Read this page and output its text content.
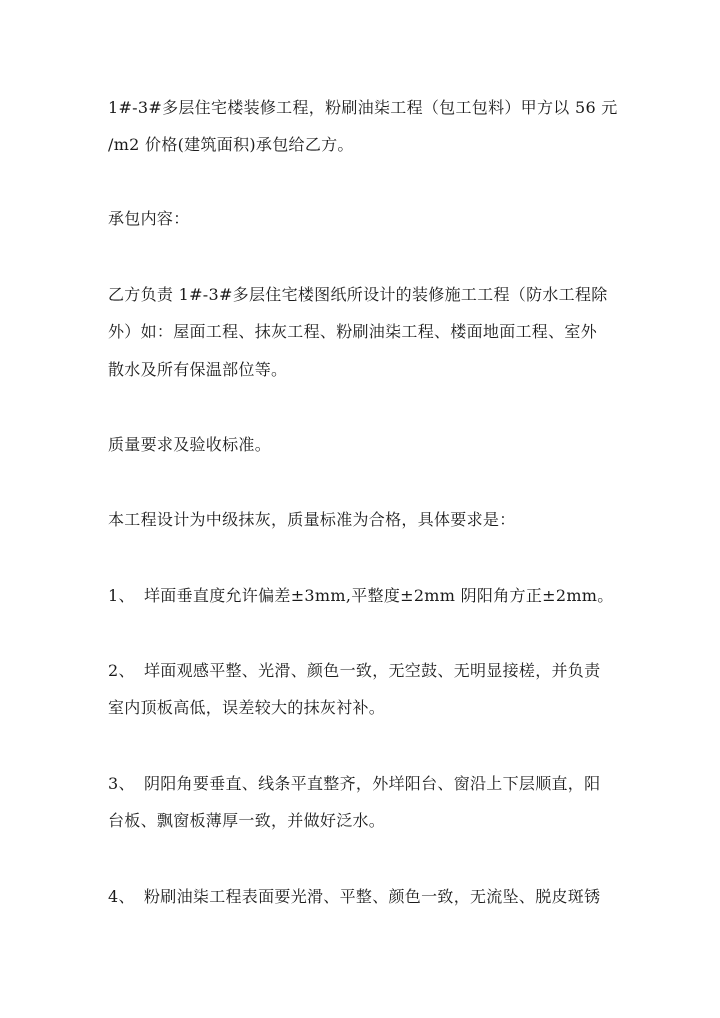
1#-3#多层住宅楼装修工程，粉刷油柒工程（包工包料）甲方以 56 元
/m2 价格(建筑面积)承包给乙方。
承包内容：
乙方负责 1#-3#多层住宅楼图纸所设计的装修施工工程（防水工程除
外）如：屋面工程、抹灰工程、粉刷油柒工程、楼面地面工程、室外
散水及所有保温部位等。
质量要求及验收标准。
本工程设计为中级抹灰，质量标准为合格，具体要求是：
1、 垟面垂直度允许偏差±3mm,平整度±2mm 阴阳角方正±2mm。
2、 垟面观感平整、光滑、颜色一致，无空鼓、无明显接槎，并负责
室内顶板高低，误差较大的抹灰衬补。
3、 阴阳角要垂直、线条平直整齐，外垟阳台、窗沿上下层顺直，阳
台板、飘窗板薄厚一致，并做好泛水。
4、 粉刷油柒工程表面要光滑、平整、颜色一致，无流坠、脱皮斑锈
